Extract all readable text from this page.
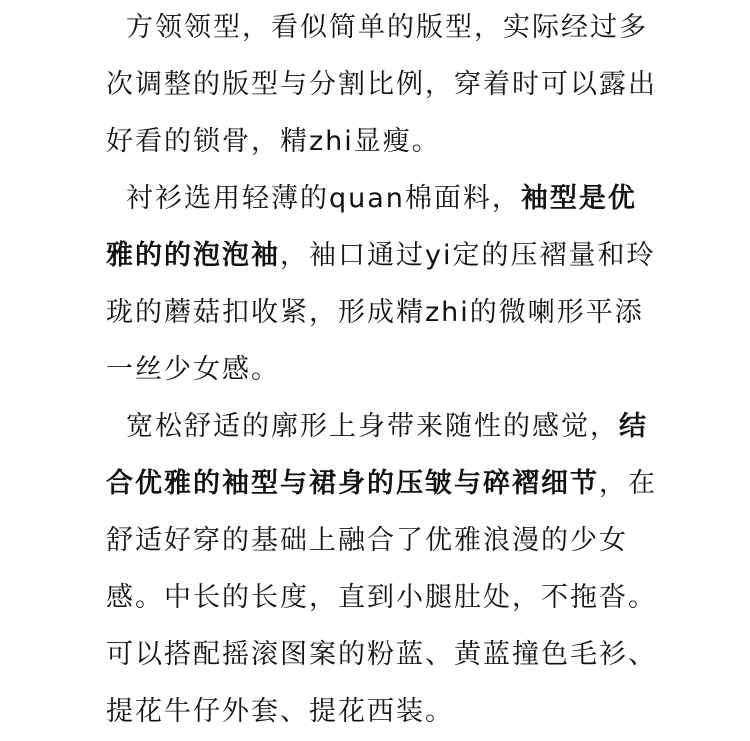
方领领型，看似简单的版型，实际经过多
次调整的版型与分割比例，穿着时可以露出
好看的锁骨，精zhi显瘦。
衬衫选用轻薄的quan棉面料，袖型是优
雅的的泡泡袖，袖口通过yi定的压褶量和玲
珑的蘑菇扣收紧，形成精zhi的微喇形平添
一丝少女感。
宽松舒适的廓形上身带来随性的感觉，结
合优雅的袖型与裙身的压皱与碎褶细节，在
舒适好穿的基础上融合了优雅浪漫的少女
感。中长的长度，直到小腿肚处，不拖沓。
可以搭配摇滚图案的粉蓝、黄蓝撞色毛衫、
提花牛仔外套、提花西装。
